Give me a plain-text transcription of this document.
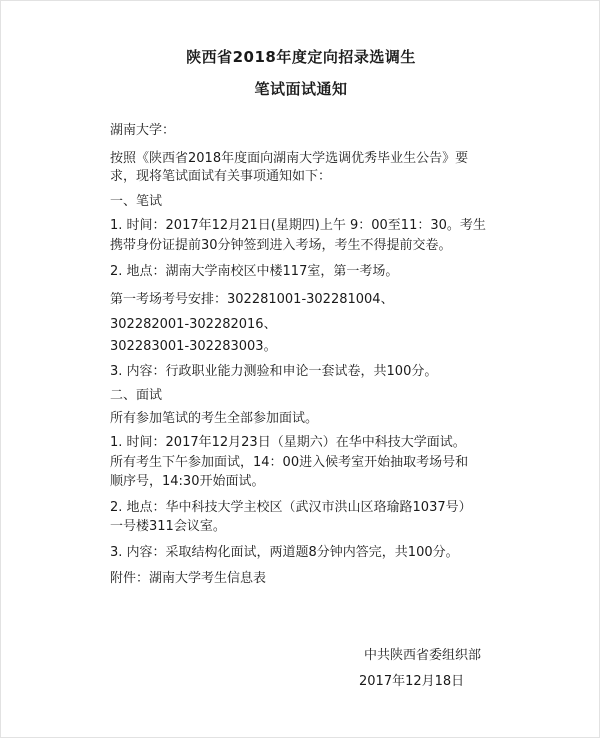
陕西省2018年度定向招录选调生
笔试面试通知
湖南大学：
按照《陕西省2018年度面向湖南大学选调优秀毕业生公告》要
求，现将笔试面试有关事项通知如下：
一、笔试
1. 时间：2017年12月21日(星期四)上午 9：00至11：30。考生
携带身份证提前30分钟签到进入考场，考生不得提前交卷。
2. 地点：湖南大学南校区中楼117室，第一考场。
第一考场考号安排：302281001-302281004、
302282001-302282016、
302283001-302283003。
3. 内容：行政职业能力测验和申论一套试卷，共100分。
二、面试
所有参加笔试的考生全部参加面试。
1. 时间：2017年12月23日（星期六）在华中科技大学面试。
所有考生下午参加面试，14：00进入候考室开始抽取考场号和
顺序号，14:30开始面试。
2. 地点：华中科技大学主校区（武汉市洪山区珞瑜路1037号）
一号楼311会议室。
3. 内容：采取结构化面试，两道题8分钟内答完，共100分。
附件：湖南大学考生信息表
中共陕西省委组织部
2017年12月18日
